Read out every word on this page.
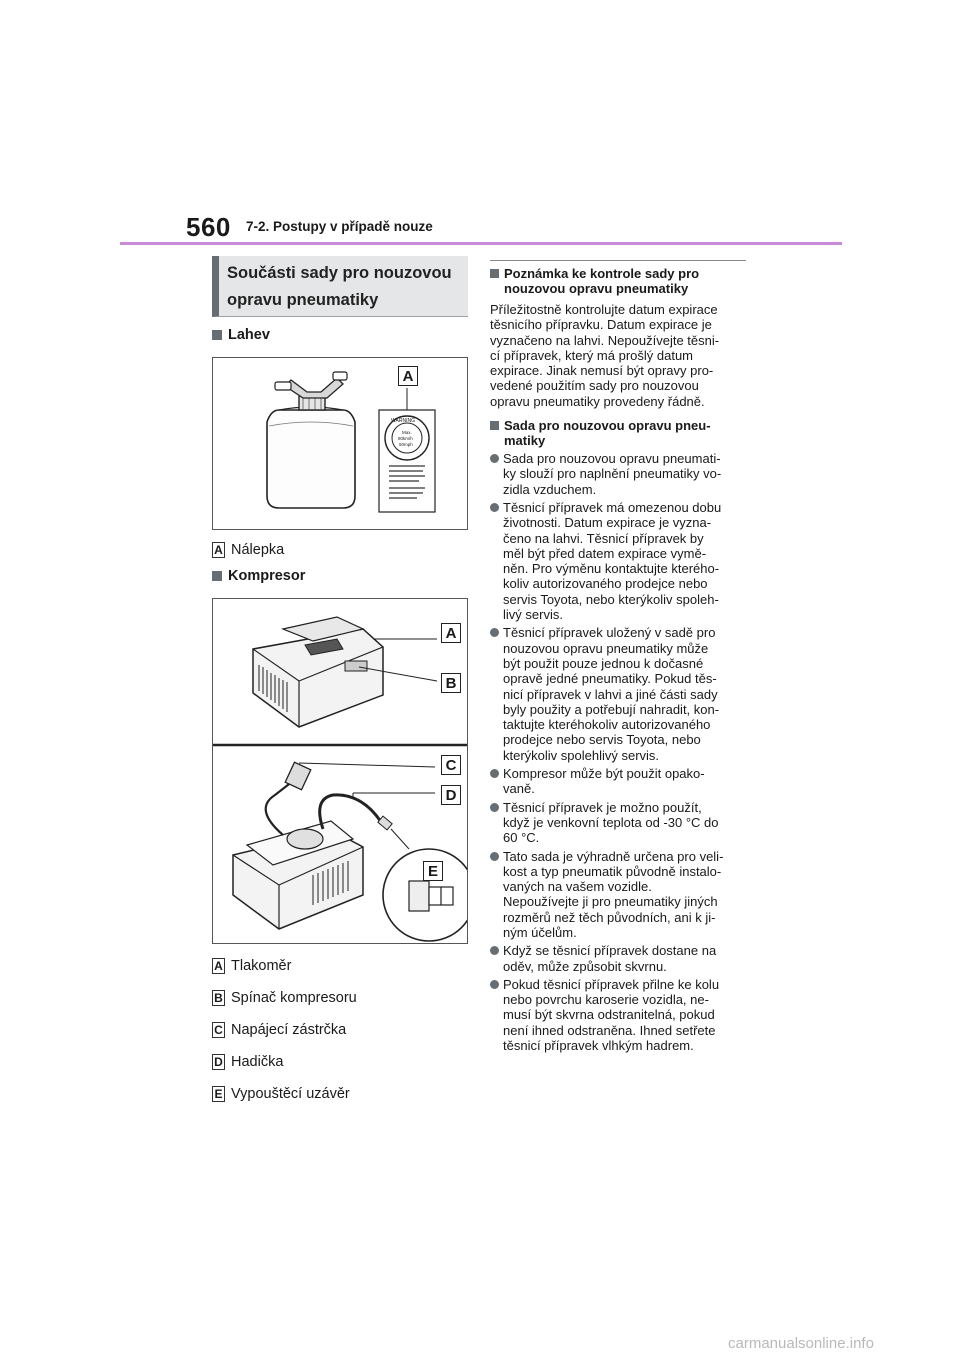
560 7-2. Postupy v případě nouze
Součásti sady pro nouzovou
opravu pneumatiky
Lahev
WARNING
Max.
80km/h
50mph
A
A Nálepka
Kompresor
A
B
C
D
E
A Tlakoměr
B Spínač kompresoru
C Napájecí zástrčka
D Hadička
E Vypouštěcí uzávěr
Poznámka ke kontrole sady pro
nouzovou opravu pneumatiky
Příležitostně kontrolujte datum expirace
těsnicího přípravku. Datum expirace je
vyznačeno na lahvi. Nepoužívejte těsni-
cí přípravek, který má prošlý datum
expirace. Jinak nemusí být opravy pro-
vedené použitím sady pro nouzovou
opravu pneumatiky provedeny řádně.
Sada pro nouzovou opravu pneu-
matiky
Sada pro nouzovou opravu pneumati-
ky slouží pro naplnění pneumatiky vo-
zidla vzduchem.
Těsnicí přípravek má omezenou dobu
životnosti. Datum expirace je vyzna-
čeno na lahvi. Těsnicí přípravek by
měl být před datem expirace vymě-
něn. Pro výměnu kontaktujte kterého-
koliv autorizovaného prodejce nebo
servis Toyota, nebo kterýkoliv spoleh-
livý servis.
Těsnicí přípravek uložený v sadě pro
nouzovou opravu pneumatiky může
být použit pouze jednou k dočasné
opravě jedné pneumatiky. Pokud těs-
nicí přípravek v lahvi a jiné části sady
byly použity a potřebují nahradit, kon-
taktujte kteréhokoliv autorizovaného
prodejce nebo servis Toyota, nebo
kterýkoliv spolehlivý servis.
Kompresor může být použit opako-
vaně.
Těsnicí přípravek je možno použít,
když je venkovní teplota od -30 °C do
60 °C.
Tato sada je výhradně určena pro veli-
kost a typ pneumatik původně instalo-
vaných na vašem vozidle.
Nepoužívejte ji pro pneumatiky jiných
rozměrů než těch původních, ani k ji-
ným účelům.
Když se těsnicí přípravek dostane na
oděv, může způsobit skvrnu.
Pokud těsnicí přípravek přilne ke kolu
nebo povrchu karoserie vozidla, ne-
musí být skvrna odstranitelná, pokud
není ihned odstraněna. Ihned setřete
těsnicí přípravek vlhkým hadrem.
carmanualsonline.info
